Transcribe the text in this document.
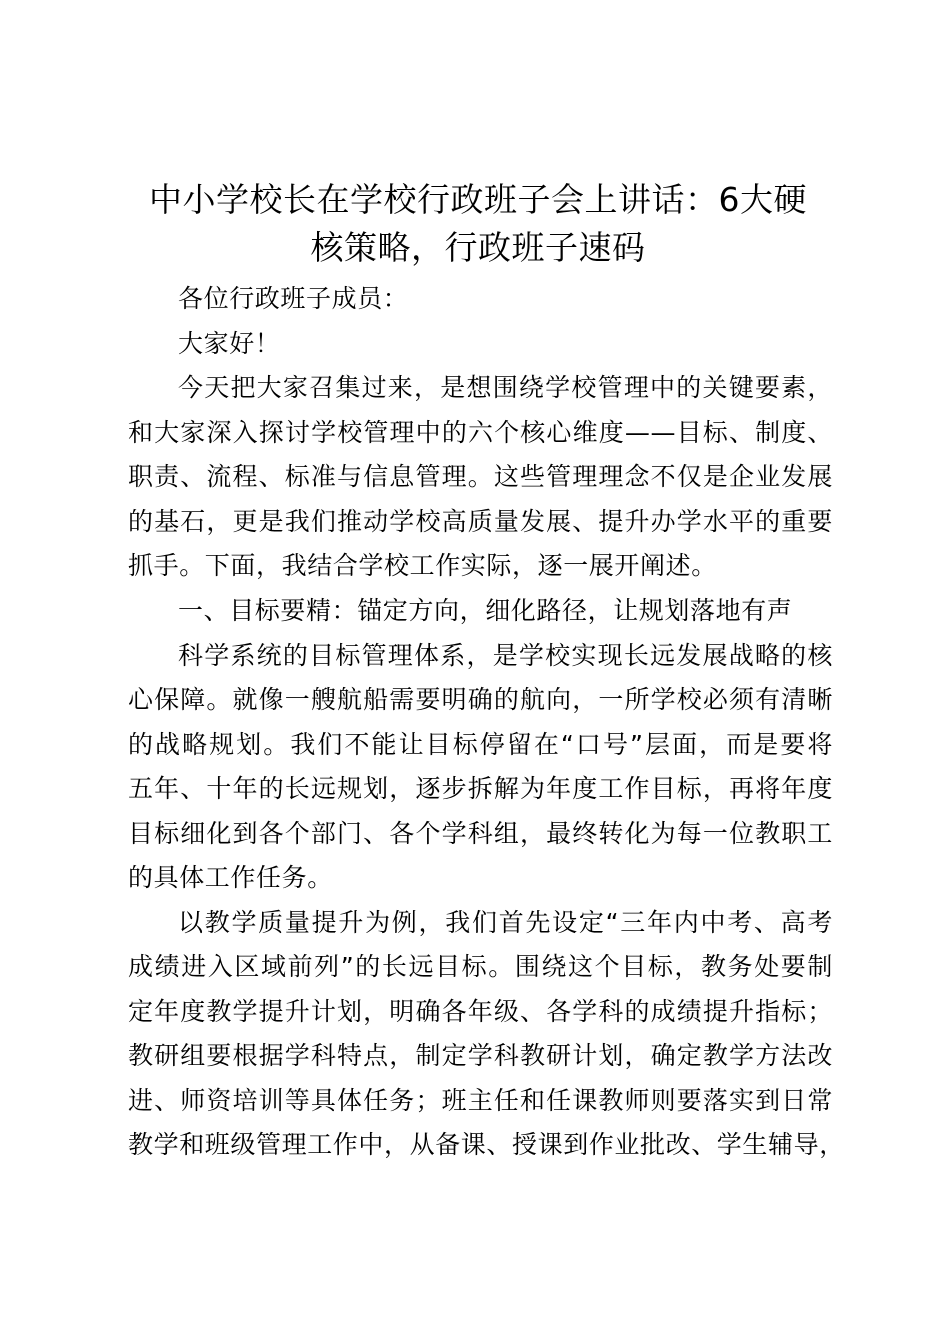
中小学校长在学校行政班子会上讲话：6大硬
核策略，行政班子速码

各位行政班子成员：

大家好！

今天把大家召集过来，是想围绕学校管理中的关键要素，

和大家深入探讨学校管理中的六个核心维度——目标、制度、

职责、流程、标准与信息管理。这些管理理念不仅是企业发展

的基石，更是我们推动学校高质量发展、提升办学水平的重要

抓手。下面，我结合学校工作实际，逐一展开阐述。

一、目标要精：锚定方向，细化路径，让规划落地有声

科学系统的目标管理体系，是学校实现长远发展战略的核

心保障。就像一艘航船需要明确的航向，一所学校必须有清晰

的战略规划。我们不能让目标停留在“口号”层面，而是要将

五年、十年的长远规划，逐步拆解为年度工作目标，再将年度

目标细化到各个部门、各个学科组，最终转化为每一位教职工

的具体工作任务。

以教学质量提升为例，我们首先设定“三年内中考、高考

成绩进入区域前列”的长远目标。围绕这个目标，教务处要制

定年度教学提升计划，明确各年级、各学科的成绩提升指标；

教研组要根据学科特点，制定学科教研计划，确定教学方法改

进、师资培训等具体任务；班主任和任课教师则要落实到日常

教学和班级管理工作中，从备课、授课到作业批改、学生辅导，
